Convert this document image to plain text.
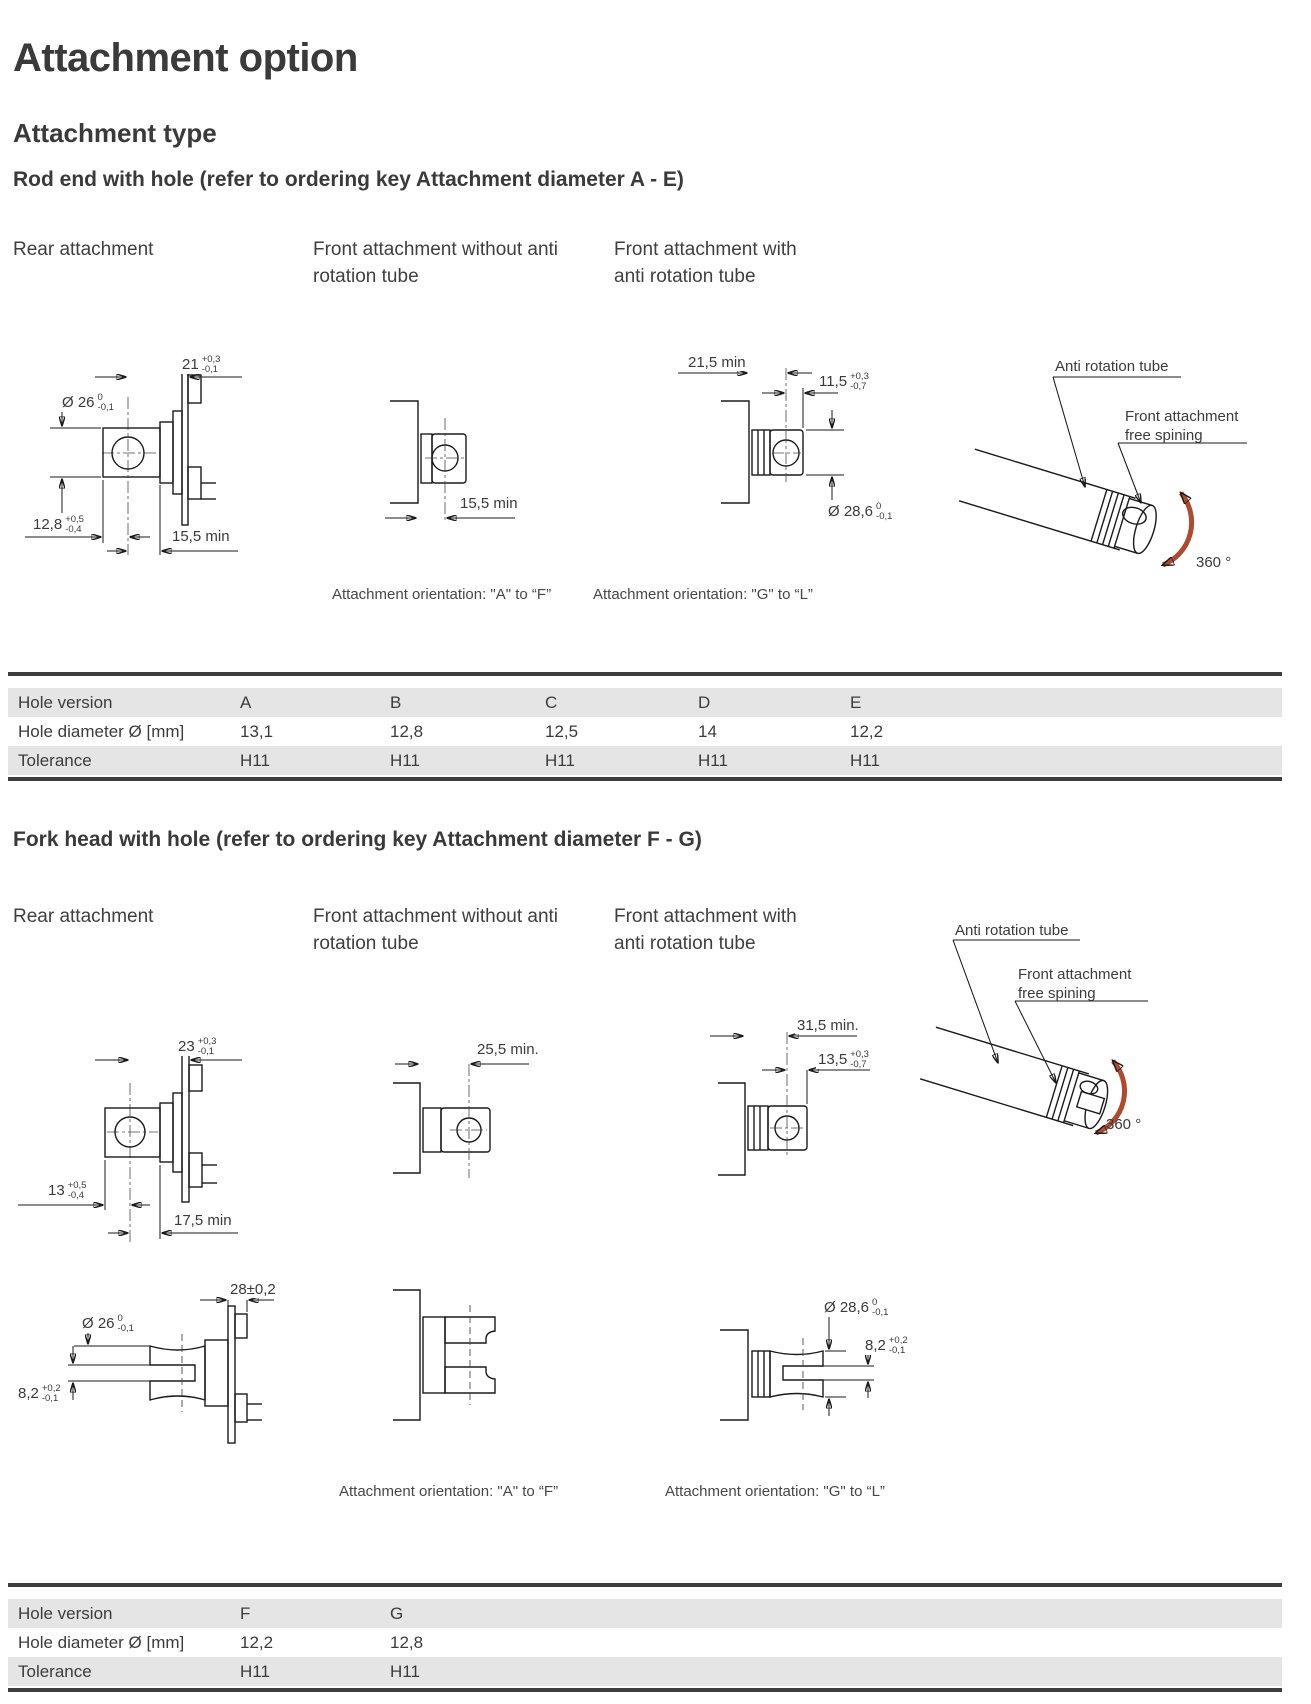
Attachment option
Attachment type
Rod end with hole (refer to ordering key Attachment diameter A - E)
Rear attachment	Front attachment without anti rotation tube
Front attachment with anti rotation tube
21 +0,3
-0,1
Ø 26 0
-0,1
12,8 +0,5
-0,4	15,5 min
15,5 min
21,5 min
11,5 +0,3
-0,7
Ø 28,6 0
-0,1
Anti rotation tube
Front attachment
free spining
360 °
Attachment orientation: "A" to “F”	Attachment orientation: "G" to “L”
Hole version	A	B	C	D	E
Hole diameter Ø [mm]	13,1	12,8	12,5	14	12,2
Tolerance	H11	H11	H11	H11	H11
Fork head with hole (refer to ordering key Attachment diameter F - G)
Rear attachment	Front attachment without anti rotation tube
Front attachment with anti rotation tube
23 +0,3
-0,1
13 +0,5
-0,4
17,5 min
28±0,2
Ø 26 0
-0,1
8,2 +0,2
-0,1
25,5 min.
31,5 min.
13,5 +0,3
-0,7
Ø 28,6 0
-0,1
8,2 +0,2
-0,1
Anti rotation tube
Front attachment
free spining
360 °
Attachment orientation: "A" to “F”	Attachment orientation: "G" to “L”
Hole version	F	G
Hole diameter Ø [mm]	12,2	12,8
Tolerance	H11	H11
